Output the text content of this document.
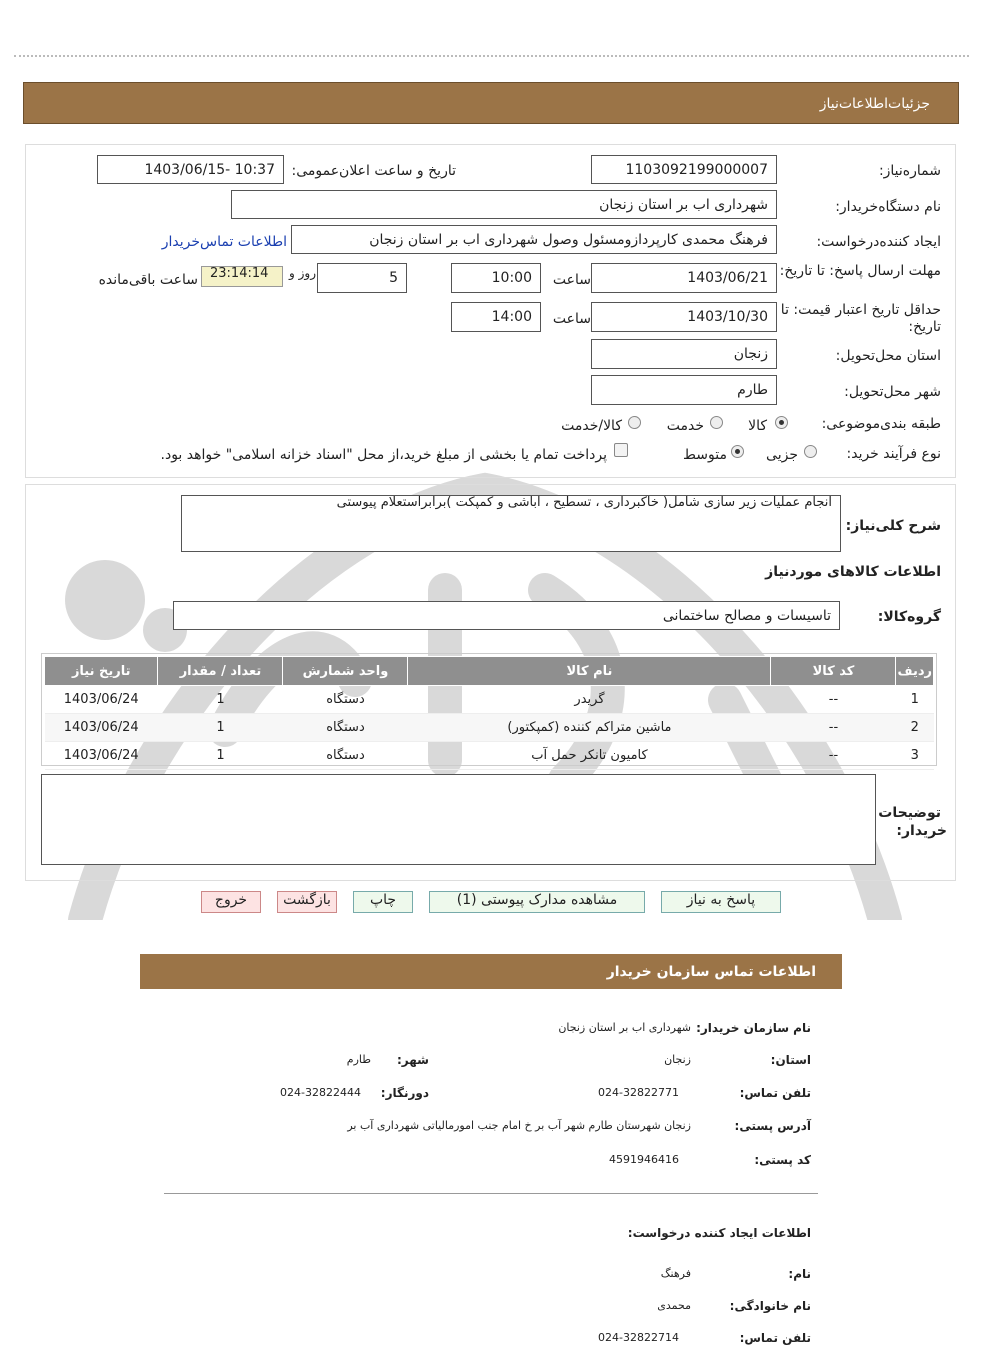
جزئیات‌اطلاعات‌نیاز
شماره‌نیاز:
1103092199000007
تاریخ و ساعت اعلان‌عمومی:
1403/06/15- 10:37
نام دستگاه‌خریدار:
شهرداری اب بر استان زنجان
ایجاد کننده‌درخواست:
فرهنگ محمدی کارپردازومسئول وصول شهرداری اب بر استان زنجان
اطلاعات تماس‌خریدار
مهلت ارسال پاسخ: تا تاریخ:
1403/06/21
ساعت
10:00
5
روز و
23:14:14
ساعت باقی‌مانده
حداقل تاریخ اعتبار قیمت: تا تاریخ:
1403/10/30
ساعت
14:00
استان محل‌تحویل:
زنجان
شهر محل‌تحویل:
طارم
طبقه بندی‌موضوعی:
کالا
خدمت
کالا/خدمت
نوع فرآیند خرید:
جزیی
متوسط
پرداخت تمام یا بخشی از مبلغ خرید،از محل "اسناد خزانه اسلامی" خواهد بود.
شرح کلی‌نیاز:
انجام عملیات زیر سازی شامل( خاکبرداری ، تسطیح ، اباشی و کمپکت )برابراستعلام پیوستی
اطلاعات کالاهای موردنیاز
گروه‌کالا:
تاسیسات و مصالح ساختمانی
ردیف	کد کالا	نام کالا	واحد شمارش	تعداد / مقدار	تاریخ نیاز
1	--	گریدر	دستگاه	1	1403/06/24
2	--	ماشین متراکم کننده (کمپکتور)	دستگاه	1	1403/06/24
3	--	کامیون تانکر حمل آب	دستگاه	1	1403/06/24
توضیحات
خریدار:
پاسخ به نیاز
مشاهده مدارک پیوستی (1)
چاپ
بازگشت
خروج
اطلاعات تماس سازمان خریدار
نام سازمان خریدار:
شهرداری اب بر استان زنجان
استان:
زنجان
شهر:
طارم
تلفن تماس:
024-32822771
دورنگار:
024-32822444
آدرس پستی:
زنجان شهرستان طارم شهر آب بر خ امام جنب امورمالیاتی شهرداری آب بر
کد پستی:
4591946416
اطلاعات ایجاد کننده درخواست:
نام:
فرهنگ
نام خانوادگی:
محمدی
تلفن تماس:
024-32822714
